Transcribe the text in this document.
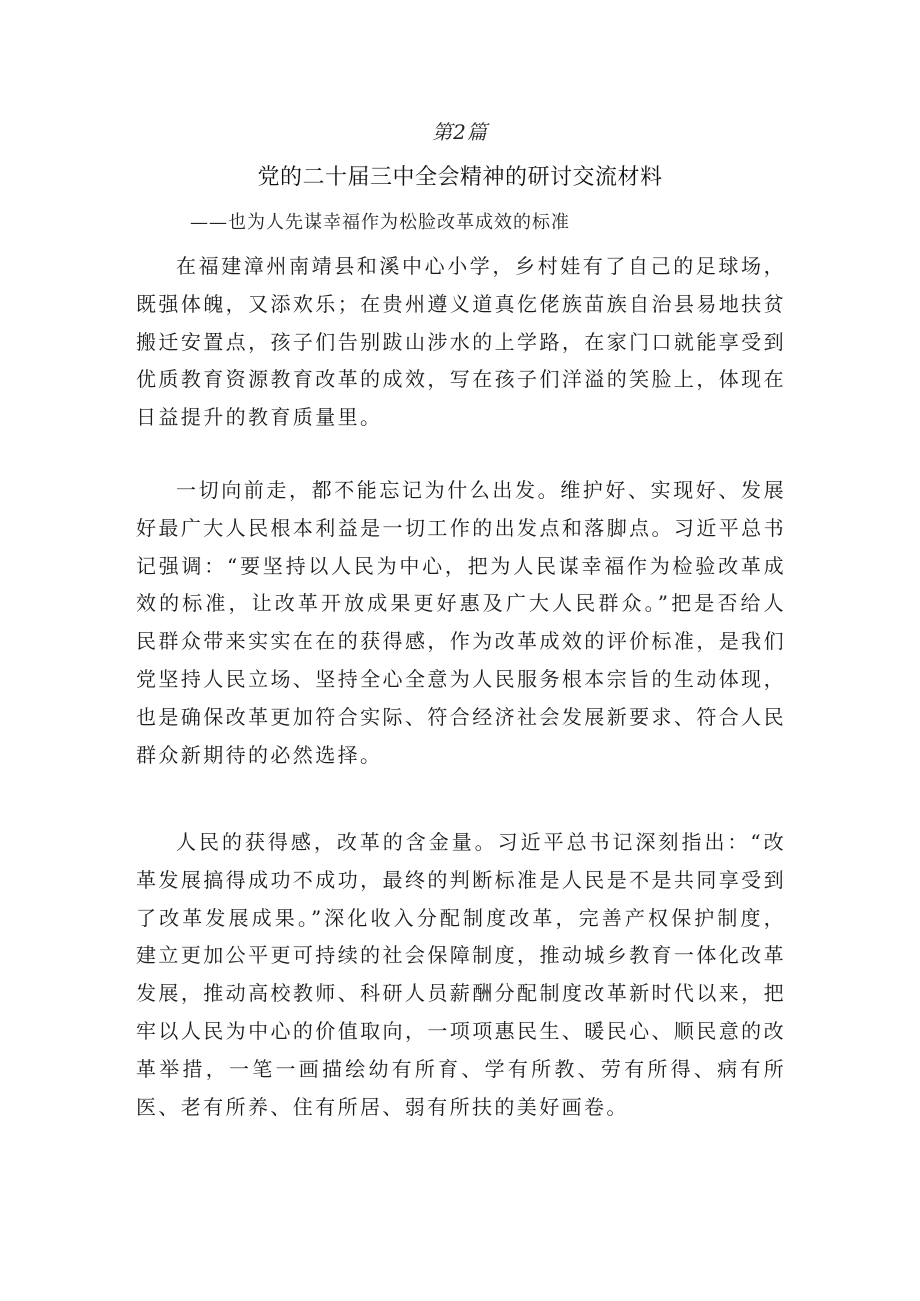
第2篇
党的二十届三中全会精神的研讨交流材料
——也为人先谋幸福作为松脸改革成效的标准

在福建漳州南靖县和溪中心小学，乡村娃有了自己的足球场，既强体魄，又添欢乐；在贵州遵义道真仡佬族苗族自治县易地扶贫搬迁安置点，孩子们告别跋山涉水的上学路，在家门口就能享受到优质教育资源教育改革的成效，写在孩子们洋溢的笑脸上，体现在日益提升的教育质量里。

一切向前走，都不能忘记为什么出发。维护好、实现好、发展好最广大人民根本利益是一切工作的出发点和落脚点。习近平总书记强调：“要坚持以人民为中心，把为人民谋幸福作为检验改革成效的标准，让改革开放成果更好惠及广大人民群众。”把是否给人民群众带来实实在在的获得感，作为改革成效的评价标准，是我们党坚持人民立场、坚持全心全意为人民服务根本宗旨的生动体现，也是确保改革更加符合实际、符合经济社会发展新要求、符合人民群众新期待的必然选择。

人民的获得感，改革的含金量。习近平总书记深刻指出：“改革发展搞得成功不成功，最终的判断标准是人民是不是共同享受到了改革发展成果。”深化收入分配制度改革，完善产权保护制度，建立更加公平更可持续的社会保障制度，推动城乡教育一体化改革发展，推动高校教师、科研人员薪酬分配制度改革新时代以来，把牢以人民为中心的价值取向，一项项惠民生、暖民心、顺民意的改革举措，一笔一画描绘幼有所育、学有所教、劳有所得、病有所医、老有所养、住有所居、弱有所扶的美好画卷。
